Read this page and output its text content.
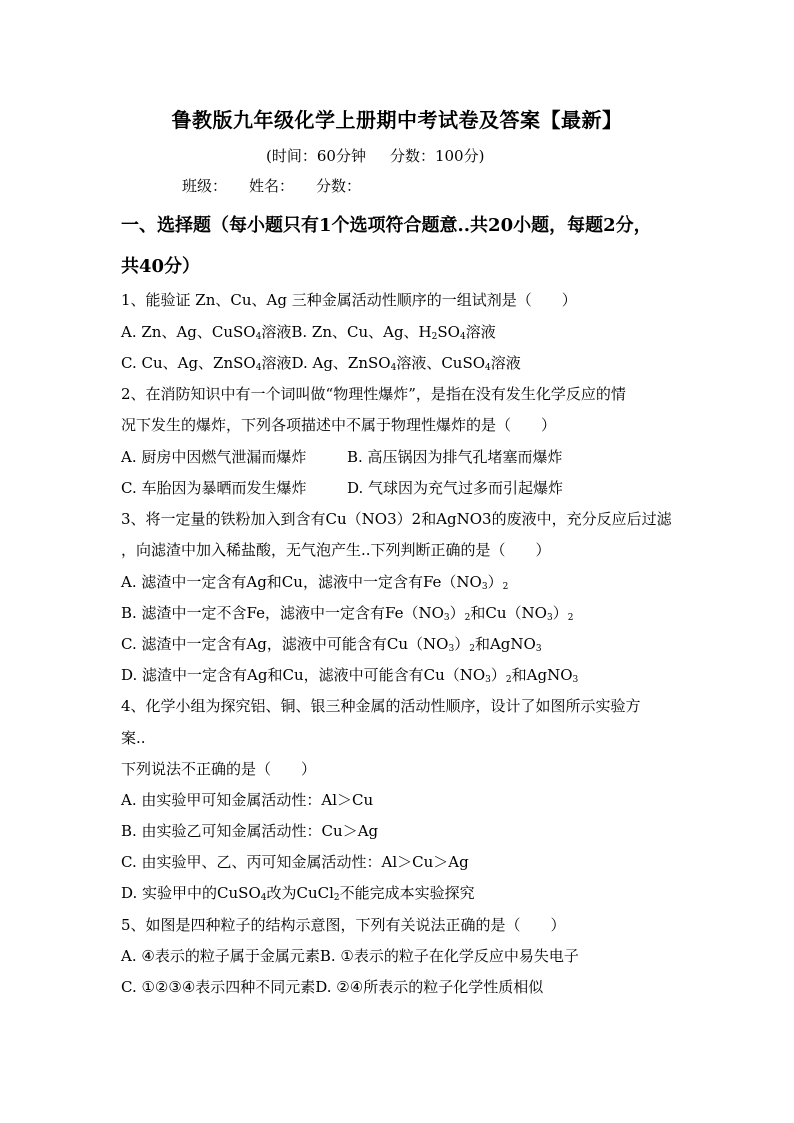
鲁教版九年级化学上册期中考试卷及答案【最新】
(时间：60分钟 分数：100分)
班级： 姓名： 分数：
一、选择题（每小题只有1个选项符合题意..共20小题，每题2分，
共40分）
1、能验证 Zn、Cu、Ag 三种金属活动性顺序的一组试剂是（　　）
A. Zn、Ag、CuSO$_4$溶液B. Zn、Cu、Ag、$H_2SO_4$溶液
C. Cu、Ag、ZnSO$_4$溶液D. Ag、ZnSO$_4$溶液、CuSO$_4$溶液
2、在消防知识中有一个词叫做“物理性爆炸”，是指在没有发生化学反应的情
况下发生的爆炸，下列各项描述中不属于物理性爆炸的是（　　）
A. 厨房中因燃气泄漏而爆炸	B. 高压锅因为排气孔堵塞而爆炸
C. 车胎因为暴晒而发生爆炸	D. 气球因为充气过多而引起爆炸
3、将一定量的铁粉加入到含有Cu（NO3）2和AgNO3的废液中，充分反应后过滤
，向滤渣中加入稀盐酸，无气泡产生..下列判断正确的是（　　）
A. 滤渣中一定含有Ag和Cu，滤液中一定含有$Fe(NO_3)_2$
B. 滤渣中一定不含Fe，滤液中一定含有$Fe(NO_3)_2$和$Cu(NO_3)_2$
C. 滤渣中一定含有Ag，滤液中可能含有$Cu(NO_3)_2$和AgNO$_3$
D. 滤渣中一定含有Ag和Cu，滤液中可能含有$Cu(NO_3)_2$和AgNO$_3$
4、化学小组为探究铝、铜、银三种金属的活动性顺序，设计了如图所示实验方
案..
下列说法不正确的是（　　）
A. 由实验甲可知金属活动性：Al＞Cu
B. 由实验乙可知金属活动性：Cu＞Ag
C. 由实验甲、乙、丙可知金属活动性：Al＞Cu＞Ag
D. 实验甲中的CuSO$_4$改为CuCl$_2$不能完成本实验探究
5、如图是四种粒子的结构示意图，下列有关说法正确的是（　　）
A. ④表示的粒子属于金属元素B. ①表示的粒子在化学反应中易失电子
C. ①②③④表示四种不同元素D. ②④所表示的粒子化学性质相似
